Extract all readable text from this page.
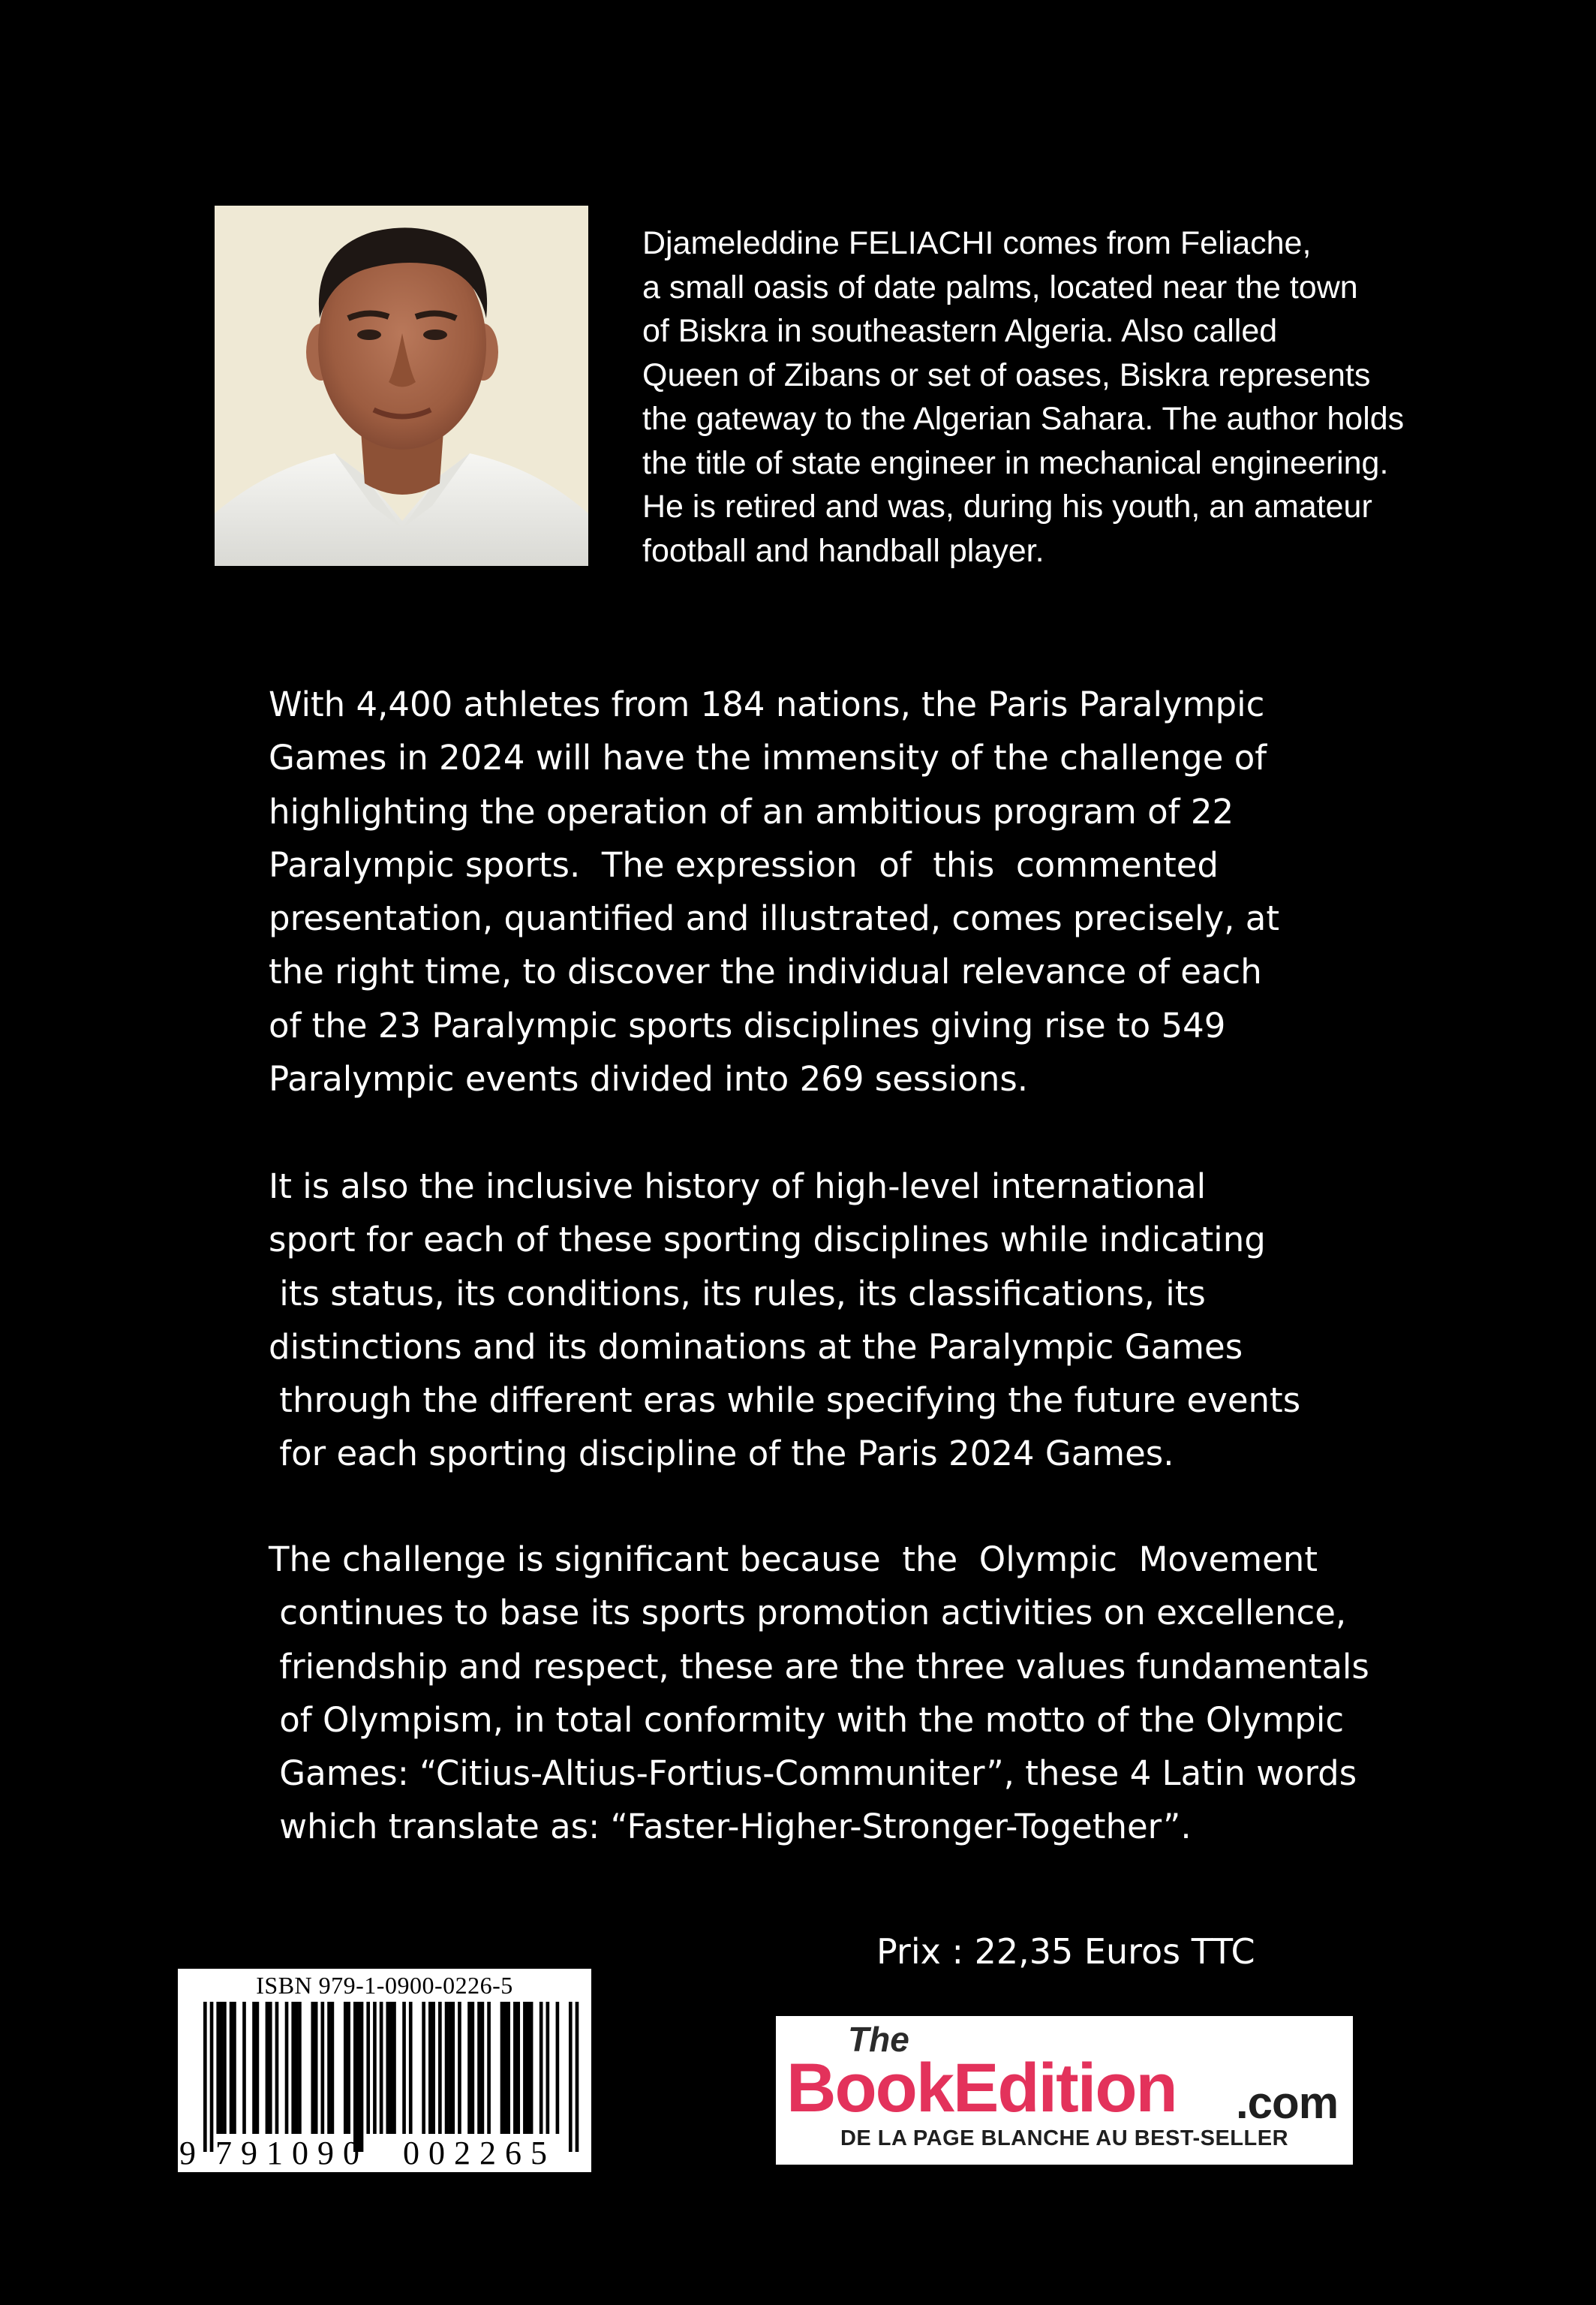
Djameleddine FELIACHI comes from Feliache,
a small oasis of date palms, located near the town
of Biskra in southeastern Algeria. Also called
Queen of Zibans or set of oases, Biskra represents
the gateway to the Algerian Sahara. The author holds
the title of state engineer in mechanical engineering.
He is retired and was, during his youth, an amateur
football and handball player.
With 4,400 athletes from 184 nations, the Paris Paralympic
Games in 2024 will have the immensity of the challenge of
highlighting the operation of an ambitious program of 22
Paralympic sports.  The expression  of  this  commented
presentation, quantified and illustrated, comes precisely, at
the right time, to discover the individual relevance of each
of the 23 Paralympic sports disciplines giving rise to 549
Paralympic events divided into 269 sessions.
It is also the inclusive history of high-level international
sport for each of these sporting disciplines while indicating
its status, its conditions, its rules, its classifications, its
distinctions and its dominations at the Paralympic Games
through the different eras while specifying the future events
for each sporting discipline of the Paris 2024 Games.
The challenge is significant because  the  Olympic  Movement
continues to base its sports promotion activities on excellence,
friendship and respect, these are the three values fundamentals
of Olympism, in total conformity with the motto of the Olympic
Games: “Citius-Altius-Fortius-Communiter”, these 4 Latin words
which translate as: “Faster-Higher-Stronger-Together”.
Prix : 22,35 Euros TTC
ISBN 979-1-0900-0226-5
9 791090 002265
The
BookEdition .com
DE LA PAGE BLANCHE AU BEST-SELLER
